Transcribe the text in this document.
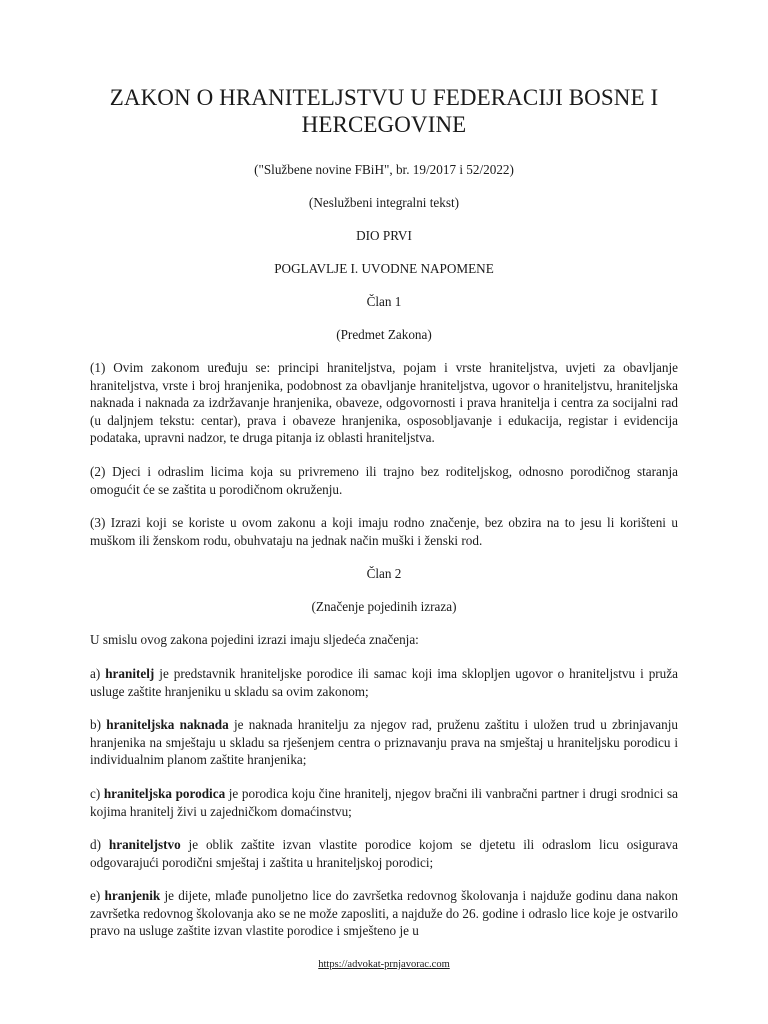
ZAKON O HRANITELJSTVU U FEDERACIJI BOSNE I HERCEGOVINE

("Službene novine FBiH", br. 19/2017 i 52/2022)

(Neslužbeni integralni tekst)

DIO PRVI

POGLAVLJE I. UVODNE NAPOMENE

Član 1

(Predmet Zakona)

(1) Ovim zakonom uređuju se: principi hraniteljstva, pojam i vrste hraniteljstva, uvjeti za obavljanje hraniteljstva, vrste i broj hranjenika, podobnost za obavljanje hraniteljstva, ugovor o hraniteljstvu, hraniteljska naknada i naknada za izdržavanje hranjenika, obaveze, odgovornosti i prava hranitelja i centra za socijalni rad (u daljnjem tekstu: centar), prava i obaveze hranjenika, osposobljavanje i edukacija, registar i evidencija podataka, upravni nadzor, te druga pitanja iz oblasti hraniteljstva.

(2) Djeci i odraslim licima koja su privremeno ili trajno bez roditeljskog, odnosno porodičnog staranja omogućit će se zaštita u porodičnom okruženju.

(3) Izrazi koji se koriste u ovom zakonu a koji imaju rodno značenje, bez obzira na to jesu li korišteni u muškom ili ženskom rodu, obuhvataju na jednak način muški i ženski rod.

Član 2

(Značenje pojedinih izraza)

U smislu ovog zakona pojedini izrazi imaju sljedeća značenja:

a) hranitelj je predstavnik hraniteljske porodice ili samac koji ima sklopljen ugovor o hraniteljstvu i pruža usluge zaštite hranjeniku u skladu sa ovim zakonom;

b) hraniteljska naknada je naknada hranitelju za njegov rad, pruženu zaštitu i uložen trud u zbrinjavanju hranjenika na smještaju u skladu sa rješenjem centra o priznavanju prava na smještaj u hraniteljsku porodicu i individualnim planom zaštite hranjenika;

c) hraniteljska porodica je porodica koju čine hranitelj, njegov bračni ili vanbračni partner i drugi srodnici sa kojima hranitelj živi u zajedničkom domaćinstvu;

d) hraniteljstvo je oblik zaštite izvan vlastite porodice kojom se djetetu ili odraslom licu osigurava odgovarajući porodični smještaj i zaštita u hraniteljskoj porodici;

e) hranjenik je dijete, mlađe punoljetno lice do završetka redovnog školovanja i najduže godinu dana nakon završetka redovnog školovanja ako se ne može zaposliti, a najduže do 26. godine i odraslo lice koje je ostvarilo pravo na usluge zaštite izvan vlastite porodice i smješteno je u

https://advokat-prnjavorac.com
